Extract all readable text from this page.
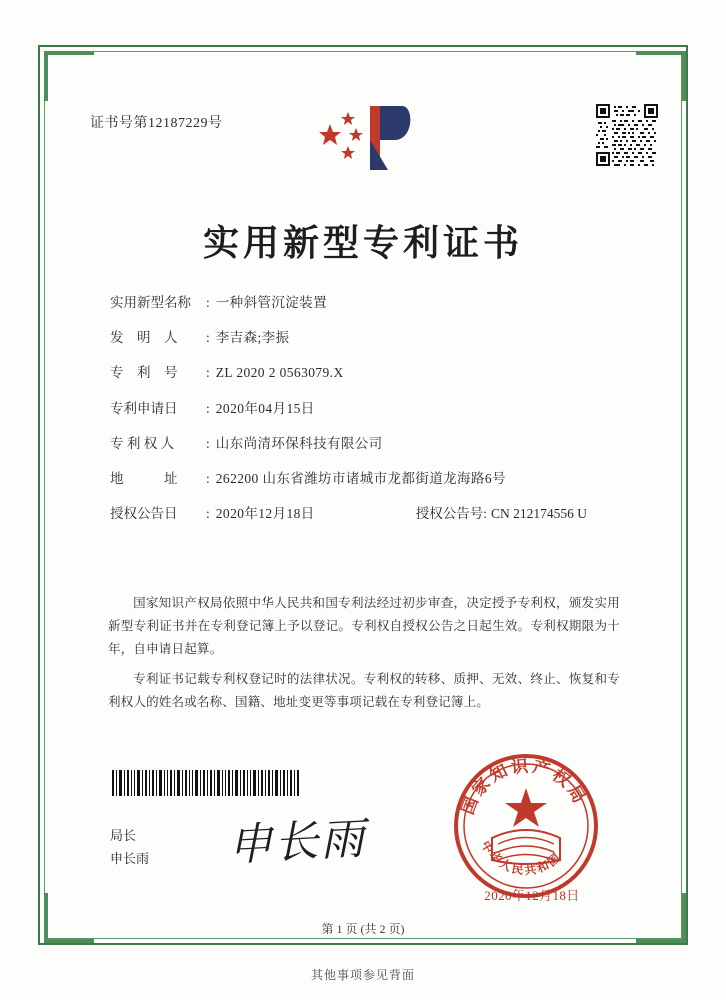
证书号第12187229号
实用新型专利证书
实用新型名称	: 一种斜管沉淀装置
发　明　人	: 李吉森;李振
专　利　号	: ZL 2020 2 0563079.X
专利申请日	: 2020年04月15日
专 利 权 人	: 山东尚清环保科技有限公司
地　　　址	: 262200 山东省潍坊市诸城市龙都街道龙海路6号
授权公告日	: 2020年12月18日	授权公告号: CN 212174556 U
国家知识产权局依照中华人民共和国专利法经过初步审查，决定授予专利权，颁发实用新型专利证书并在专利登记簿上予以登记。专利权自授权公告之日起生效。专利权期限为十年，自申请日起算。
专利证书记载专利权登记时的法律状况。专利权的转移、质押、无效、终止、恢复和专利权人的姓名或名称、国籍、地址变更等事项记载在专利登记簿上。
局长
申长雨 申长雨
国家知识产权局
中华人民共和国
2020年12月18日
第 1 页 (共 2 页)
其他事项参见背面
